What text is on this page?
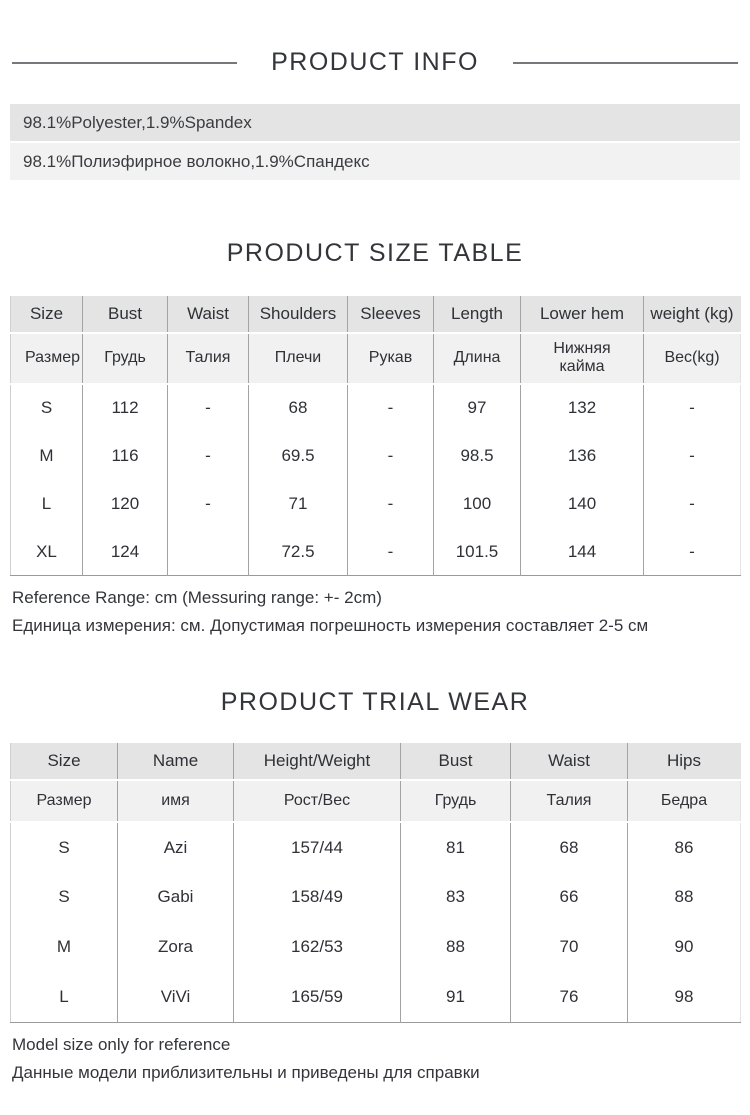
PRODUCT INFO
98.1%Polyester,1.9%Spandex
98.1%Полиэфирное волокно,1.9%Спандекс
PRODUCT SIZE TABLE
Size	Bust	Waist	Shoulders	Sleeves	Length	Lower hem	weight (kg)
Размер	Грудь	Талия	Плечи	Рукав	Длина	Нижняя кайма	Вес(kg)
S	112	-	68	-	97	132	-
M	116	-	69.5	-	98.5	136	-
L	120	-	71	-	100	140	-
XL	124		72.5	-	101.5	144	-
Reference Range: cm (Messuring range: +- 2cm)
Единица измерения: см. Допустимая погрешность измерения составляет 2-5 см
PRODUCT TRIAL WEAR
Size	Name	Height/Weight	Bust	Waist	Hips
Размер	имя	Рост/Вес	Грудь	Талия	Бедра
S	Azi	157/44	81	68	86
S	Gabi	158/49	83	66	88
M	Zora	162/53	88	70	90
L	ViVi	165/59	91	76	98
Model size only for reference
Данные модели приблизительны и приведены для справки
